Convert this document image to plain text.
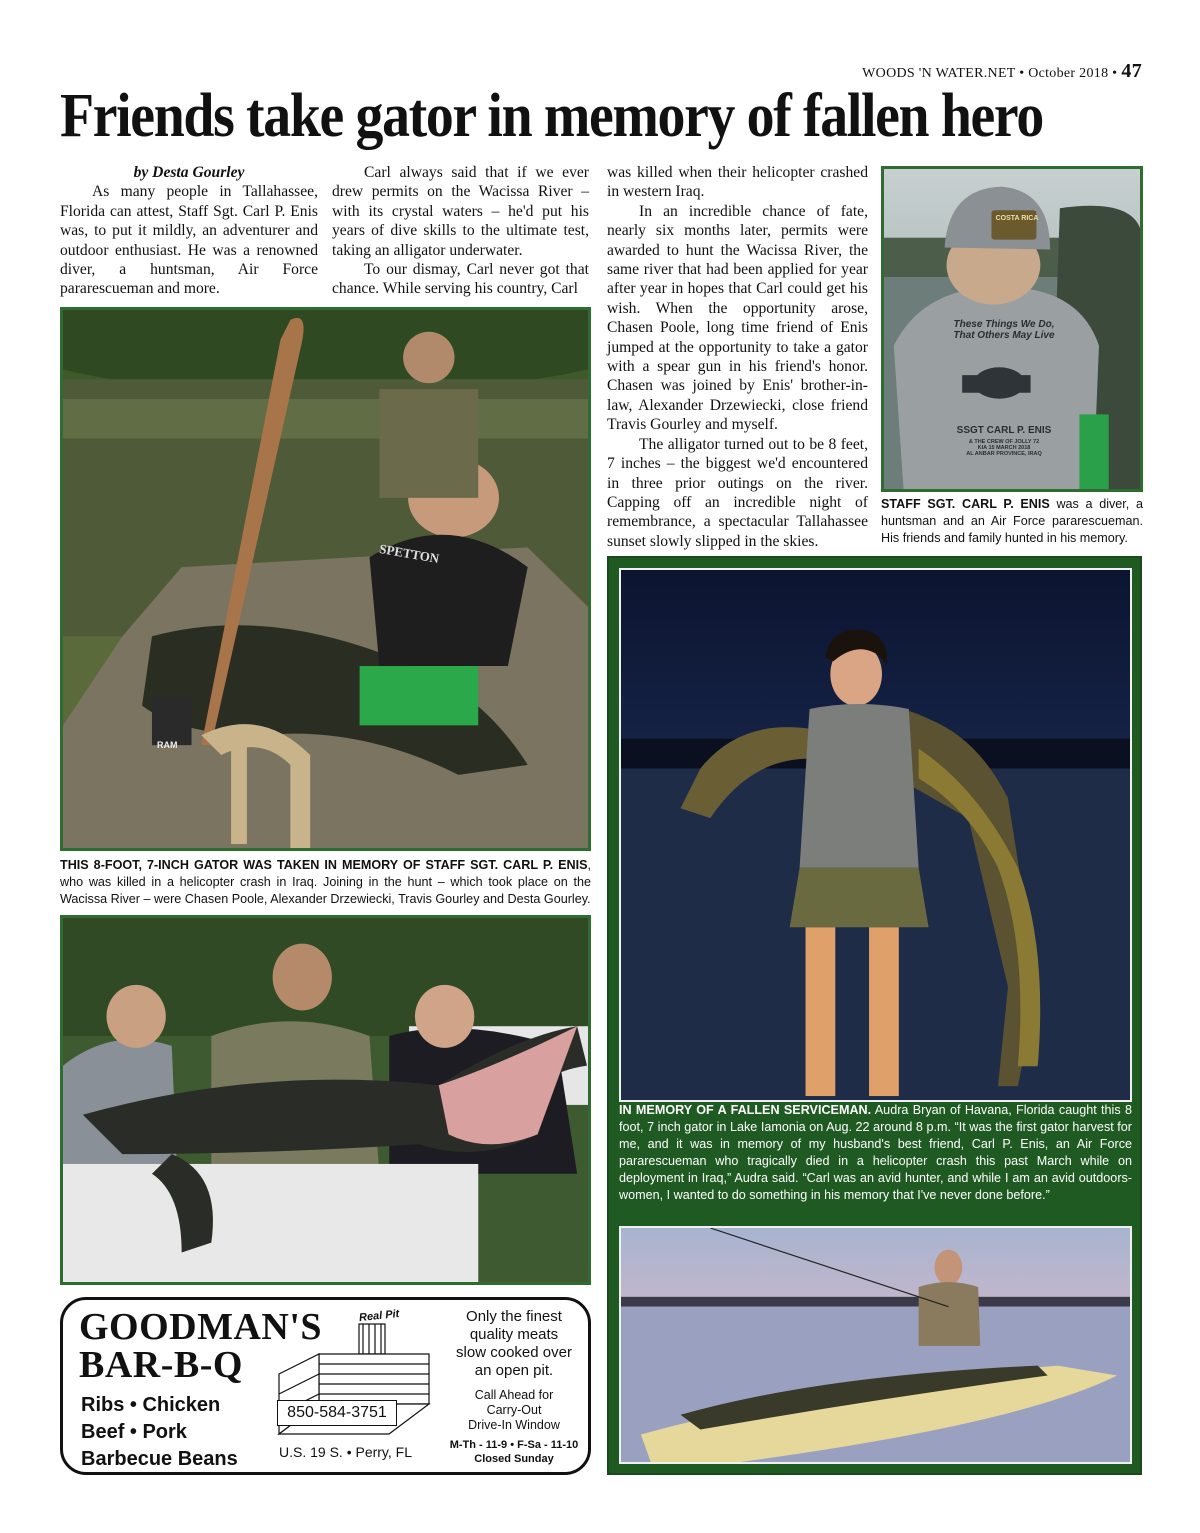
WOODS 'N WATER.NET • October 2018 • 47
Friends take gator in memory of fallen hero

by Desta Gourley

As many people in Tallahassee, Florida can attest, Staff Sgt. Carl P. Enis was, to put it mildly, an adventurer and outdoor enthusiast. He was a renowned diver, a huntsman, Air Force pararescueman and more.

Carl always said that if we ever drew permits on the Wacissa River – with its crystal waters – he'd put his years of dive skills to the ultimate test, taking an alligator underwater.

To our dismay, Carl never got that chance. While serving his country, Carl

was killed when their helicopter crashed in western Iraq.

In an incredible chance of fate, nearly six months later, permits were awarded to hunt the Wacissa River, the same river that had been applied for year after year in hopes that Carl could get his wish. When the opportunity arose, Chasen Poole, long time friend of Enis jumped at the opportunity to take a gator with a spear gun in his friend's honor. Chasen was joined by Enis' brother-in-law, Alexander Drzewiecki, close friend Travis Gourley and myself.

The alligator turned out to be 8 feet, 7 inches – the biggest we'd encountered in three prior outings on the river. Capping off an incredible night of remembrance, a spectacular Tallahassee sunset slowly slipped in the skies.

COSTA RICA
These Things We Do,
That Others May Live
SSGT CARL P. ENIS
& THE CREW OF JOLLY 72
KIA 15 MARCH 2018
AL ANBAR PROVINCE, IRAQ
STAFF SGT. CARL P. ENIS was a diver, a huntsman and an Air Force pararescueman. His friends and family hunted in his memory.
SPETTON
RAM
THIS 8-FOOT, 7-INCH GATOR WAS TAKEN IN MEMORY OF STAFF SGT. CARL P. ENIS, who was killed in a helicopter crash in Iraq. Joining in the hunt – which took place on the Wacissa River – were Chasen Poole, Alexander Drzewiecki, Travis Gourley and Desta Gourley.
GOODMAN'S
BAR-B-Q
Ribs • Chicken
Beef • Pork
Barbecue Beans
Real Pit
850-584-3751
U.S. 19 S. • Perry, FL
Only the finest
quality meats
slow cooked over
an open pit.
Call Ahead for
Carry-Out
Drive-In Window
M-Th - 11-9 • F-Sa - 11-10
Closed Sunday
IN MEMORY OF A FALLEN SERVICEMAN. Audra Bryan of Havana, Florida caught this 8 foot, 7 inch gator in Lake Iamonia on Aug. 22 around 8 p.m. “It was the first gator harvest for me, and it was in memory of my husband's best friend, Carl P. Enis, an Air Force pararescueman who tragically died in a helicopter crash this past March while on deployment in Iraq,” Audra said. “Carl was an avid hunter, and while I am an avid outdoors-women, I wanted to do something in his memory that I've never done before.”
